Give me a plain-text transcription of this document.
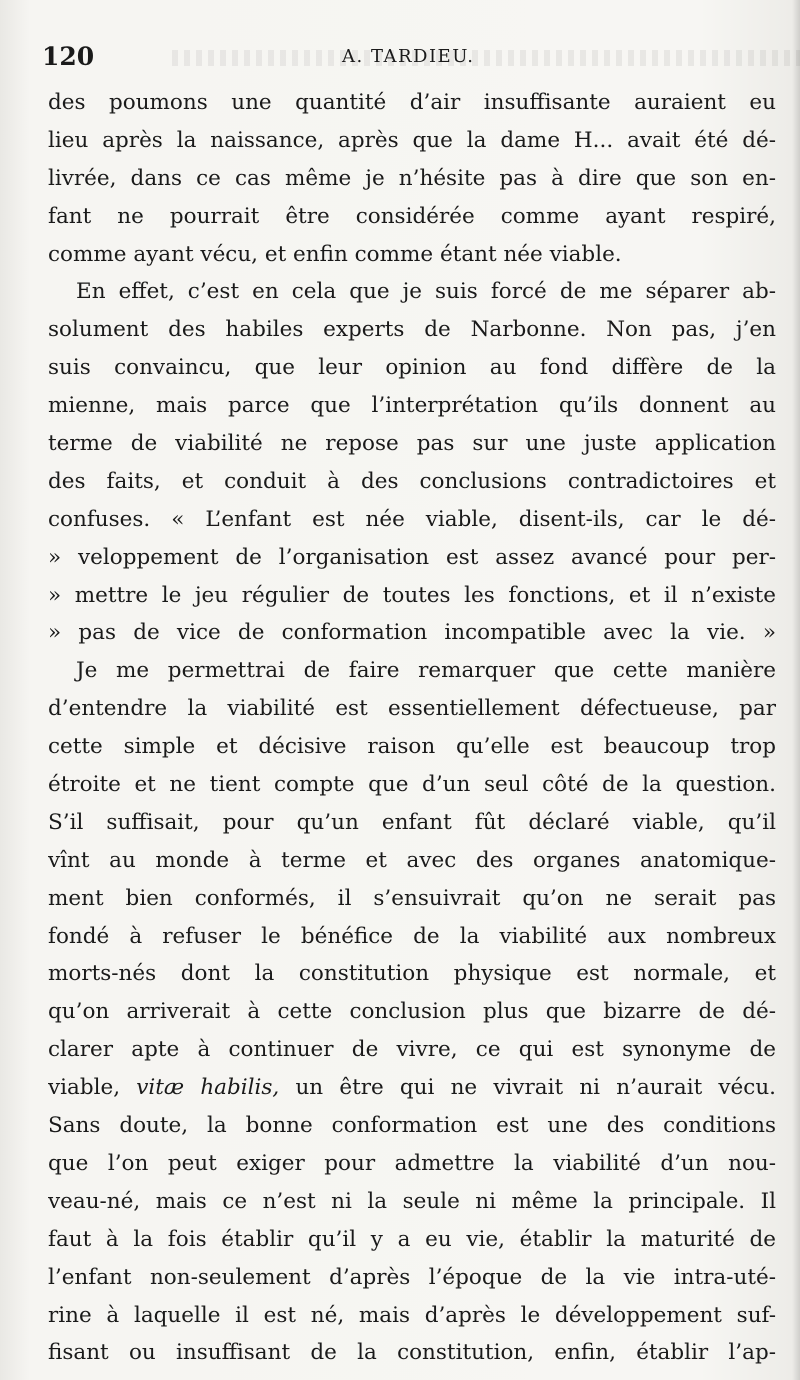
120	A. TARDIEU.
des poumons une quantité d’air insuffisante auraient eu
lieu après la naissance, après que la dame H... avait été dé-
livrée, dans ce cas même je n’hésite pas à dire que son en-
fant ne pourrait être considérée comme ayant respiré,
comme ayant vécu, et enfin comme étant née viable.
En effet, c’est en cela que je suis forcé de me séparer ab-
solument des habiles experts de Narbonne. Non pas, j’en
suis convaincu, que leur opinion au fond diffère de la
mienne, mais parce que l’interprétation qu’ils donnent au
terme de viabilité ne repose pas sur une juste application
des faits, et conduit à des conclusions contradictoires et
confuses. « L’enfant est née viable, disent-ils, car le dé-
» veloppement de l’organisation est assez avancé pour per-
» mettre le jeu régulier de toutes les fonctions, et il n’existe
» pas de vice de conformation incompatible avec la vie. »
Je me permettrai de faire remarquer que cette manière
d’entendre la viabilité est essentiellement défectueuse, par
cette simple et décisive raison qu’elle est beaucoup trop
étroite et ne tient compte que d’un seul côté de la question.
S’il suffisait, pour qu’un enfant fût déclaré viable, qu’il
vînt au monde à terme et avec des organes anatomique-
ment bien conformés, il s’ensuivrait qu’on ne serait pas
fondé à refuser le bénéfice de la viabilité aux nombreux
morts-nés dont la constitution physique est normale, et
qu’on arriverait à cette conclusion plus que bizarre de dé-
clarer apte à continuer de vivre, ce qui est synonyme de
viable, vitæ habilis, un être qui ne vivrait ni n’aurait vécu.
Sans doute, la bonne conformation est une des conditions
que l’on peut exiger pour admettre la viabilité d’un nou-
veau-né, mais ce n’est ni la seule ni même la principale. Il
faut à la fois établir qu’il y a eu vie, établir la maturité de
l’enfant non-seulement d’après l’époque de la vie intra-uté-
rine à laquelle il est né, mais d’après le développement suf-
fisant ou insuffisant de la constitution, enfin, établir l’ap-
